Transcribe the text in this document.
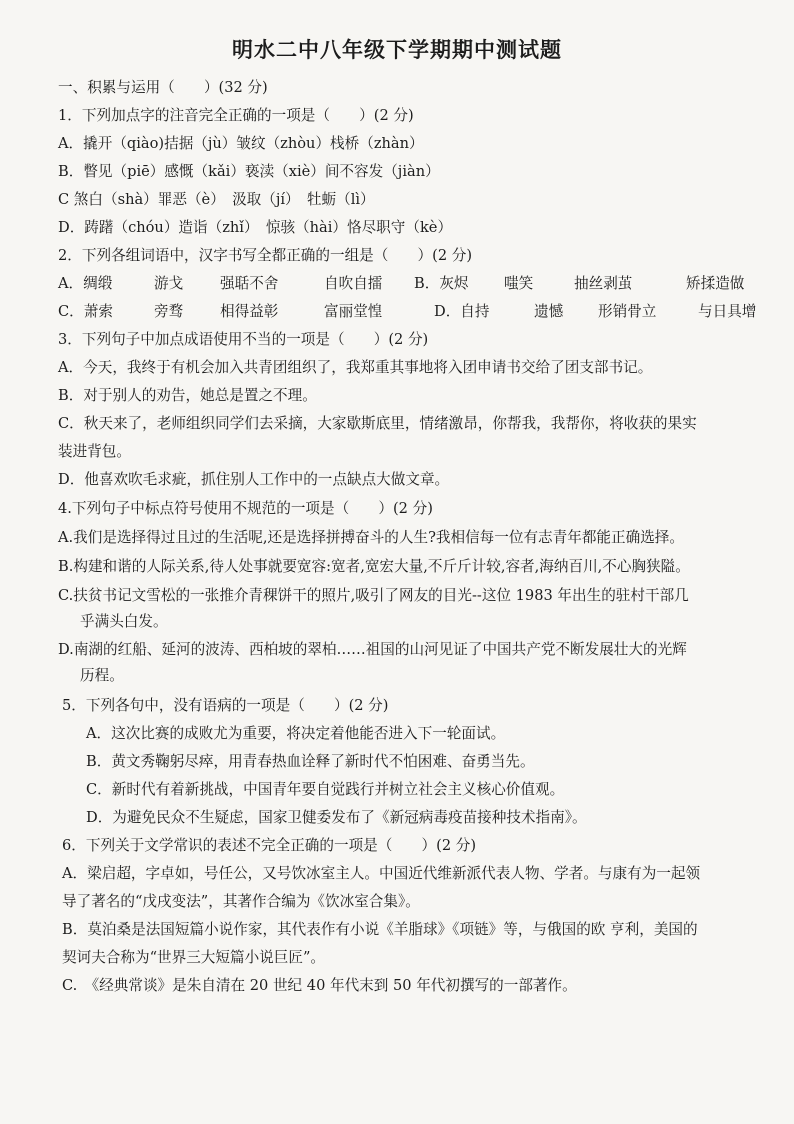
明水二中八年级下学期期中测试题
一、积累与运用（　　）(32 分)
1．下列加点字的注音完全正确的一项是（　　）(2 分)
A．撬开（qiào)拮据（jù）皱纹（zhòu）栈桥（zhàn）
B．瞥见（piē）感慨（kǎi）亵渎（xiè）间不容发（jiàn）
C 煞白（shà）罪恶（è）　汲取（jí）　牡蛎（lì）
D．踌躇（chóu）造诣（zhǐ）　惊骇（hài）恪尽职守（kè）
2．下列各组词语中，汉字书写全都正确的一组是（　　）(2 分)
A．绸缎	游戈	强聒不舍	自吹自擂 B．灰烬 嗤笑	抽丝剥茧	矫揉造做
C．萧索	旁骛	相得益彰	富丽堂惶	D．自持	遗憾 形销骨立	与日具增
3．下列句子中加点成语使用不当的一项是（　　）(2 分)
A．今天，我终于有机会加入共青团组织了，我郑重其事地将入团申请书交给了团支部书记。
B．对于别人的劝告，她总是置之不理。
C．秋天来了，老师组织同学们去采摘，大家歇斯底里，情绪激昂，你帮我，我帮你，将收获的果实
装进背包。
D．他喜欢吹毛求疵，抓住别人工作中的一点缺点大做文章。
4.下列句子中标点符号使用不规范的一项是（　　）(2 分)
A.我们是选择得过且过的生活呢,还是选择拼搏奋斗的人生?我相信每一位有志青年都能正确选择。
B.构建和谐的人际关系,待人处事就要宽容:宽者,宽宏大量,不斤斤计较,容者,海纳百川,不心胸狭隘。
C.扶贫书记文雪松的一张推介青稞饼干的照片,吸引了网友的目光--这位 1983 年出生的驻村干部几
乎满头白发。
D.南湖的红船、延河的波涛、西柏坡的翠柏……祖国的山河见证了中国共产党不断发展壮大的光辉
历程。
5．下列各句中，没有语病的一项是（　　）(2 分)
A．这次比赛的成败尤为重要，将决定着他能否进入下一轮面试。
B．黄文秀鞠躬尽瘁，用青春热血诠释了新时代不怕困难、奋勇当先。
C．新时代有着新挑战，中国青年要自觉践行并树立社会主义核心价值观。
D．为避免民众不生疑虑，国家卫健委发布了《新冠病毒疫苗接种技术指南》。
6．下列关于文学常识的表述不完全正确的一项是（　　）(2 分)
A．梁启超，字卓如，号任公，又号饮冰室主人。中国近代维新派代表人物、学者。与康有为一起领
导了著名的“戊戌变法”，其著作合编为《饮冰室合集》。
B．莫泊桑是法国短篇小说作家，其代表作有小说《羊脂球》《项链》等，与俄国的欧 亨利，美国的
契诃夫合称为“世界三大短篇小说巨匠”。
C.　《经典常谈》是朱自清在 20 世纪 40 年代末到 50 年代初撰写的一部著作。
